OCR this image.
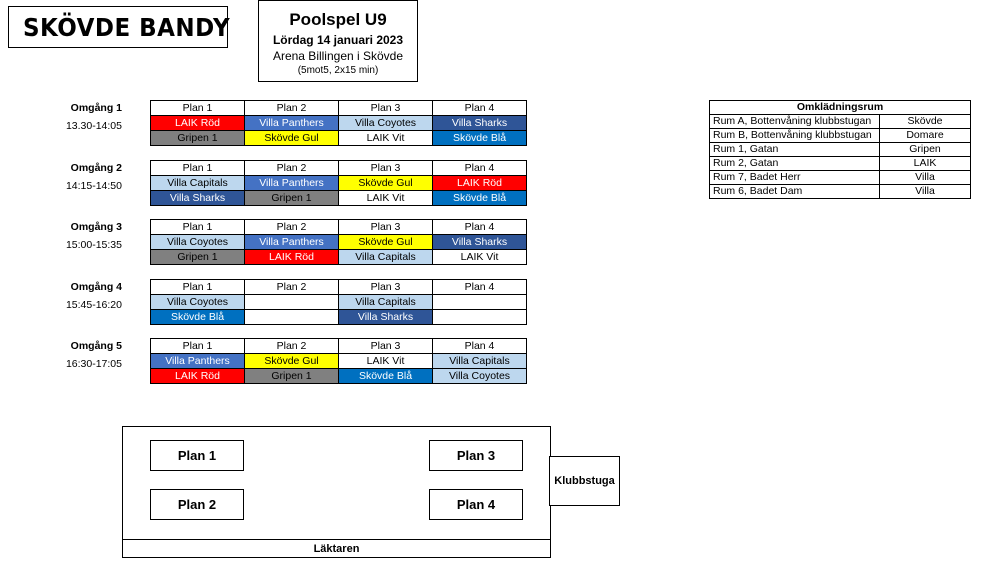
SKÖVDE BANDY	Poolspel U9
Lördag 14 januari 2023
Arena Billingen i Skövde
(5mot5, 2x15 min)
Omgång 1
13.30-14:05
Plan 1	Plan 2	Plan 3	Plan 4
LAIK Röd	Villa Panthers	Villa Coyotes	Villa Sharks
Gripen 1	Skövde Gul	LAIK Vit	Skövde Blå
Omgång 2
14:15-14:50
Plan 1	Plan 2	Plan 3	Plan 4
Villa Capitals	Villa Panthers	Skövde Gul	LAIK Röd
Villa Sharks	Gripen 1	LAIK Vit	Skövde Blå
Omgång 3
15:00-15:35
Plan 1	Plan 2	Plan 3	Plan 4
Villa Coyotes	Villa Panthers	Skövde Gul	Villa Sharks
Gripen 1	LAIK Röd	Villa Capitals	LAIK Vit
Omgång 4
15:45-16:20
Plan 1	Plan 2	Plan 3	Plan 4
Villa Coyotes		Villa Capitals	
Skövde Blå		Villa Sharks	
Omgång 5
16:30-17:05
Plan 1	Plan 2	Plan 3	Plan 4
Villa Panthers	Skövde Gul	LAIK Vit	Villa Capitals
LAIK Röd	Gripen 1	Skövde Blå	Villa Coyotes
Omklädningsrum	
Rum A, Bottenvåning klubbstugan	Skövde
Rum B, Bottenvåning klubbstugan	Domare
Rum 1, Gatan	Gripen
Rum 2, Gatan	LAIK
Rum 7, Badet Herr	Villa
Rum 6, Badet Dam	Villa
Plan 1
Plan 2
Plan 3
Plan 4
Klubbstuga
Läktaren
